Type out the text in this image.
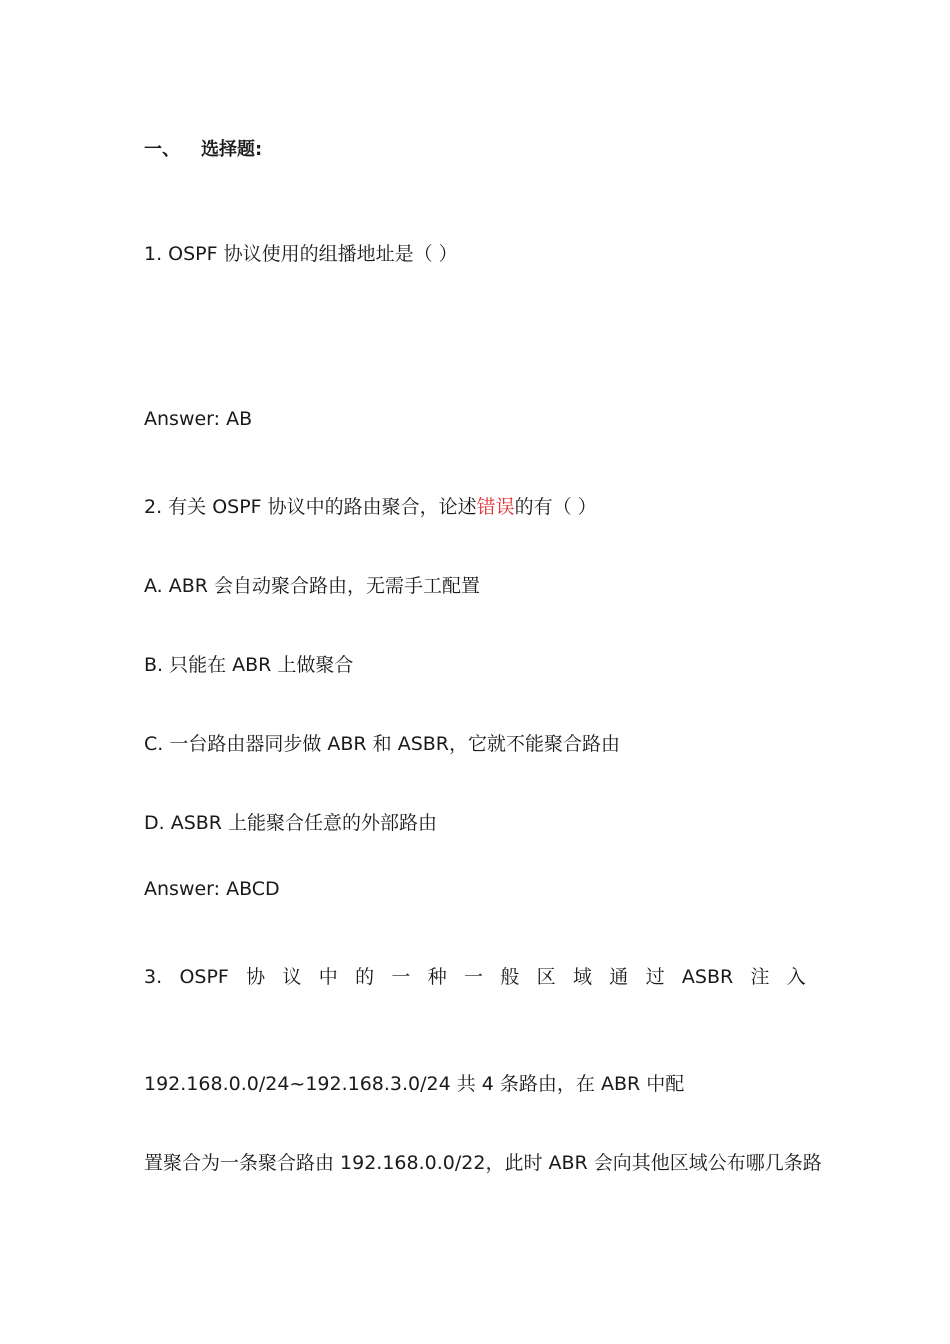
一、 选择题:
1. OSPF 协议使用的组播地址是（ ）
Answer: AB
2. 有关 OSPF 协议中的路由聚合，论述错误的有（ ）
A. ABR 会自动聚合路由，无需手工配置
B. 只能在 ABR 上做聚合
C. 一台路由器同步做 ABR 和 ASBR，它就不能聚合路由
D. ASBR 上能聚合任意的外部路由
Answer: ABCD
3. OSPF 协 议 中 的 一 种 一 般 区 域 通 过 ASBR 注 入
192.168.0.0/24~192.168.3.0/24 共 4 条路由，在 ABR 中配
置聚合为一条聚合路由 192.168.0.0/22，此时 ABR 会向其他区域公布哪几条路
